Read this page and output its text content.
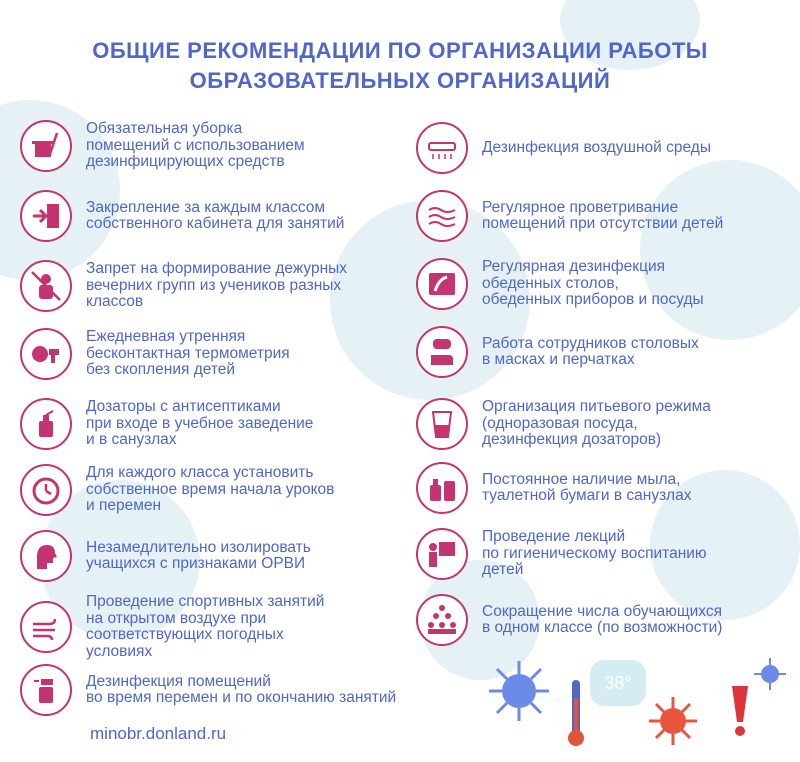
ОБЩИЕ РЕКОМЕНДАЦИИ ПО ОРГАНИЗАЦИИ РАБОТЫ
ОБРАЗОВАТЕЛЬНЫХ ОРГАНИЗАЦИЙ
Обязательная уборка
помещений с использованием
дезинфицирующих средств
Закрепление за каждым классом
собственного кабинета для занятий
Запрет на формирование дежурных
вечерних групп из учеников разных
классов
Ежедневная утренняя
бесконтактная термометрия
без скопления детей
Дозаторы с антисептиками
при входе в учебное заведение
и в санузлах
Для каждого класса установить
собственное время начала уроков
и перемен
Незамедлительно изолировать
учащихся с признаками ОРВИ
Проведение спортивных занятий
на открытом воздухе при
соответствующих погодных
условиях
Дезинфекция помещений
во время перемен и по окончанию занятий
Дезинфекция воздушной среды
Регулярное проветривание
помещений при отсутствии детей
Регулярная дезинфекция
обеденных столов,
обеденных приборов и посуды
Работа сотрудников столовых
в масках и перчатках
Организация питьевого режима
(одноразовая посуда,
дезинфекция дозаторов)
Постоянное наличие мыла,
туалетной бумаги в санузлах
Проведение лекций
по гигиеническому воспитанию
детей
Сокращение числа обучающихся
в одном классе (по возможности)
38°
minobr.donland.ru
